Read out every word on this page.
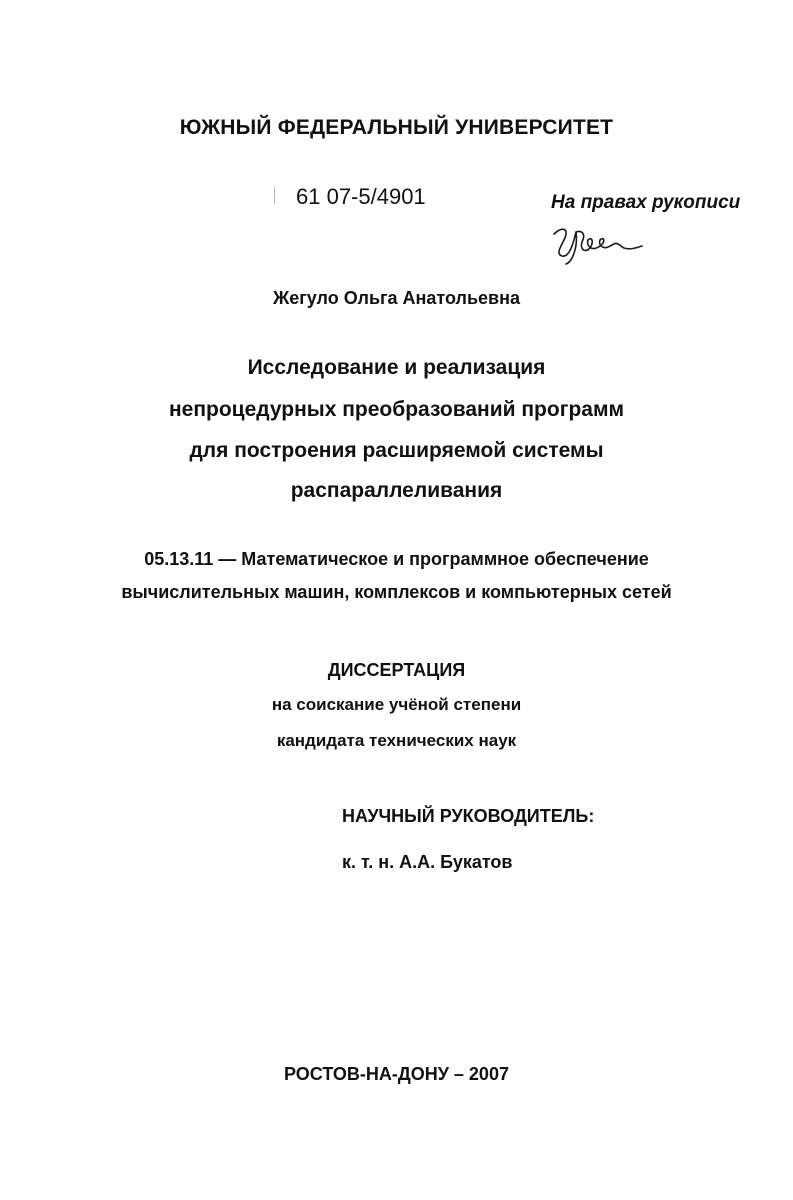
ЮЖНЫЙ ФЕДЕРАЛЬНЫЙ УНИВЕРСИТЕТ
61 07-5/4901	На правах рукописи
Жегуло Ольга Анатольевна
Исследование и реализация
непроцедурных преобразований программ
для построения расширяемой системы
распараллеливания
05.13.11 — Математическое и программное обеспечение
вычислительных машин, комплексов и компьютерных сетей
ДИССЕРТАЦИЯ
на соискание учёной степени
кандидата технических наук
НАУЧНЫЙ РУКОВОДИТЕЛЬ:
к. т. н. А.А. Букатов
РОСТОВ-НА-ДОНУ – 2007
